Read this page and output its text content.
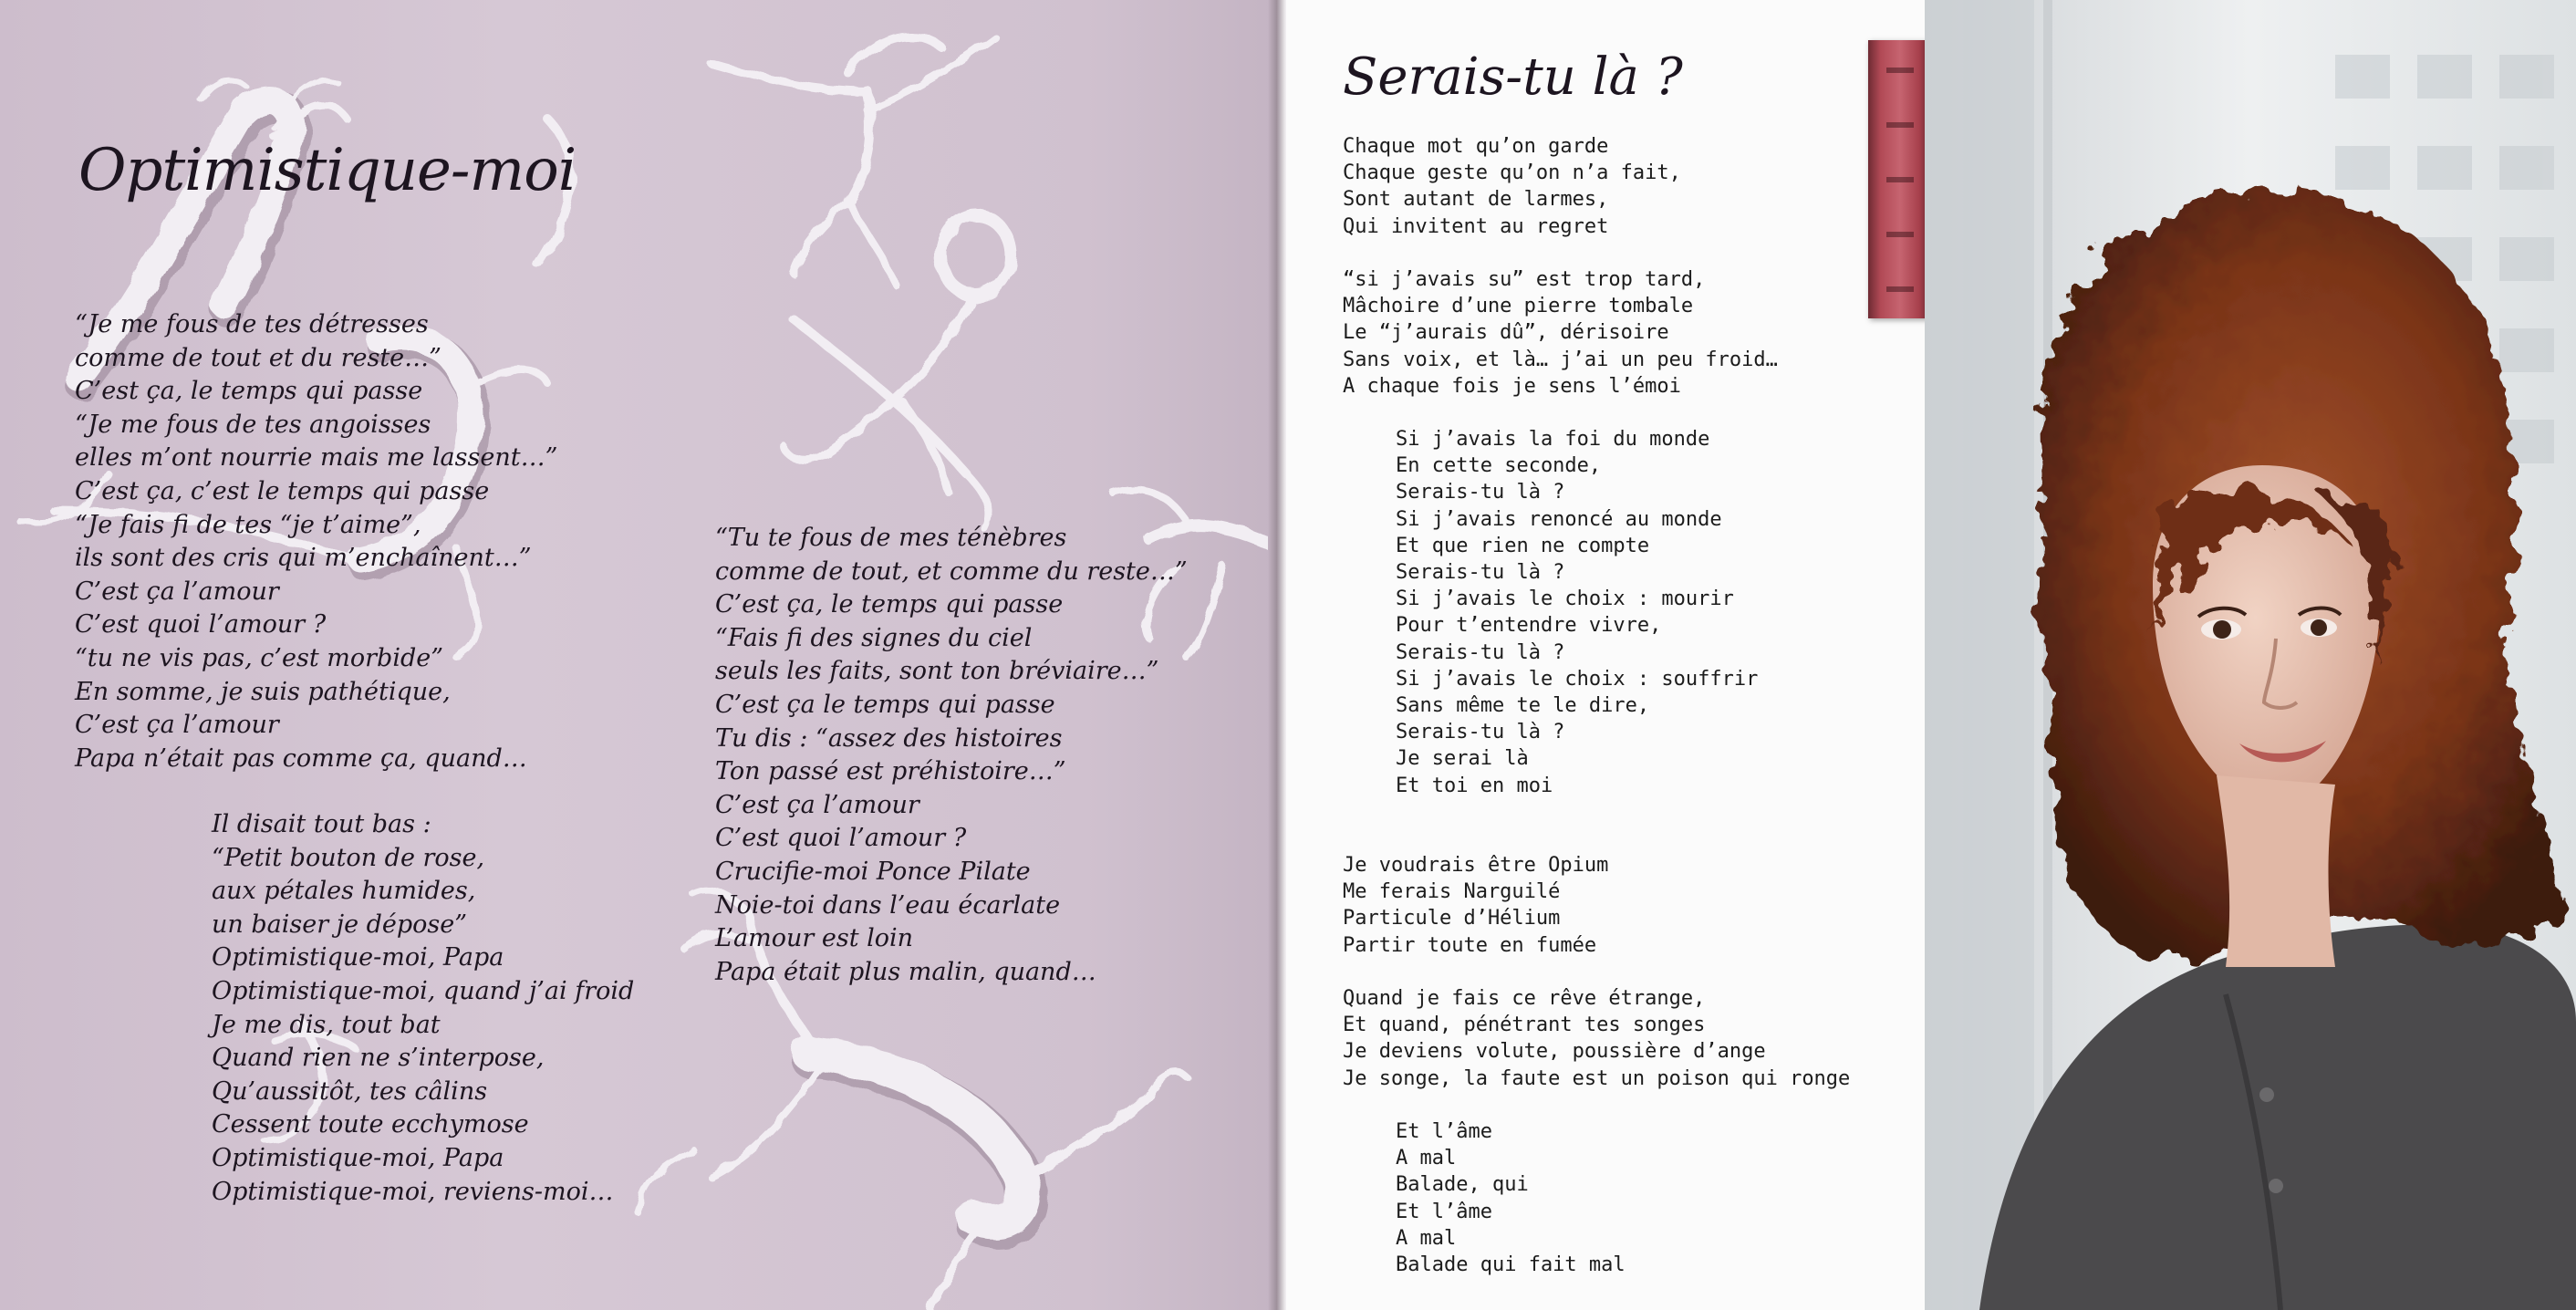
Optimistique-moi
“Je me fous de tes détresses
comme de tout et du reste…”
C’est ça, le temps qui passe
“Je me fous de tes angoisses
elles m’ont nourrie mais me lassent…”
C’est ça, c’est le temps qui passe
“Je fais fi de tes “je t’aime”,
ils sont des cris qui m’enchaînent…”
C’est ça l’amour
C’est quoi l’amour ?
“tu ne vis pas, c’est morbide”
En somme, je suis pathétique,
C’est ça l’amour
Papa n’était pas comme ça, quand…
Il disait tout bas :
“Petit bouton de rose,
aux pétales humides,
un baiser je dépose”
Optimistique-moi, Papa
Optimistique-moi, quand j’ai froid
Je me dis, tout bat
Quand rien ne s’interpose,
Qu’aussitôt, tes câlins
Cessent toute ecchymose
Optimistique-moi, Papa
Optimistique-moi, reviens-moi…
“Tu te fous de mes ténèbres
comme de tout, et comme du reste…”
C’est ça, le temps qui passe
“Fais fi des signes du ciel
seuls les faits, sont ton bréviaire…”
C’est ça le temps qui passe
Tu dis : “assez des histoires
Ton passé est préhistoire…”
C’est ça l’amour
C’est quoi l’amour ?
Crucifie-moi Ponce Pilate
Noie-toi dans l’eau écarlate
L’amour est loin
Papa était plus malin, quand…
Serais-tu là ?
Chaque mot qu’on garde
Chaque geste qu’on n’a fait,
Sont autant de larmes,
Qui invitent au regret
“si j’avais su” est trop tard,
Mâchoire d’une pierre tombale
Le “j’aurais dû”, dérisoire
Sans voix, et là… j’ai un peu froid…
A chaque fois je sens l’émoi
Si j’avais la foi du monde
En cette seconde,
Serais-tu là ?
Si j’avais renoncé au monde
Et que rien ne compte
Serais-tu là ?
Si j’avais le choix : mourir
Pour t’entendre vivre,
Serais-tu là ?
Si j’avais le choix : souffrir
Sans même te le dire,
Serais-tu là ?
Je serai là
Et toi en moi
Je voudrais être Opium
Me ferais Narguilé
Particule d’Hélium
Partir toute en fumée
Quand je fais ce rêve étrange,
Et quand, pénétrant tes songes
Je deviens volute, poussière d’ange
Je songe, la faute est un poison qui ronge
Et l’âme
A mal
Balade, qui
Et l’âme
A mal
Balade qui fait mal
